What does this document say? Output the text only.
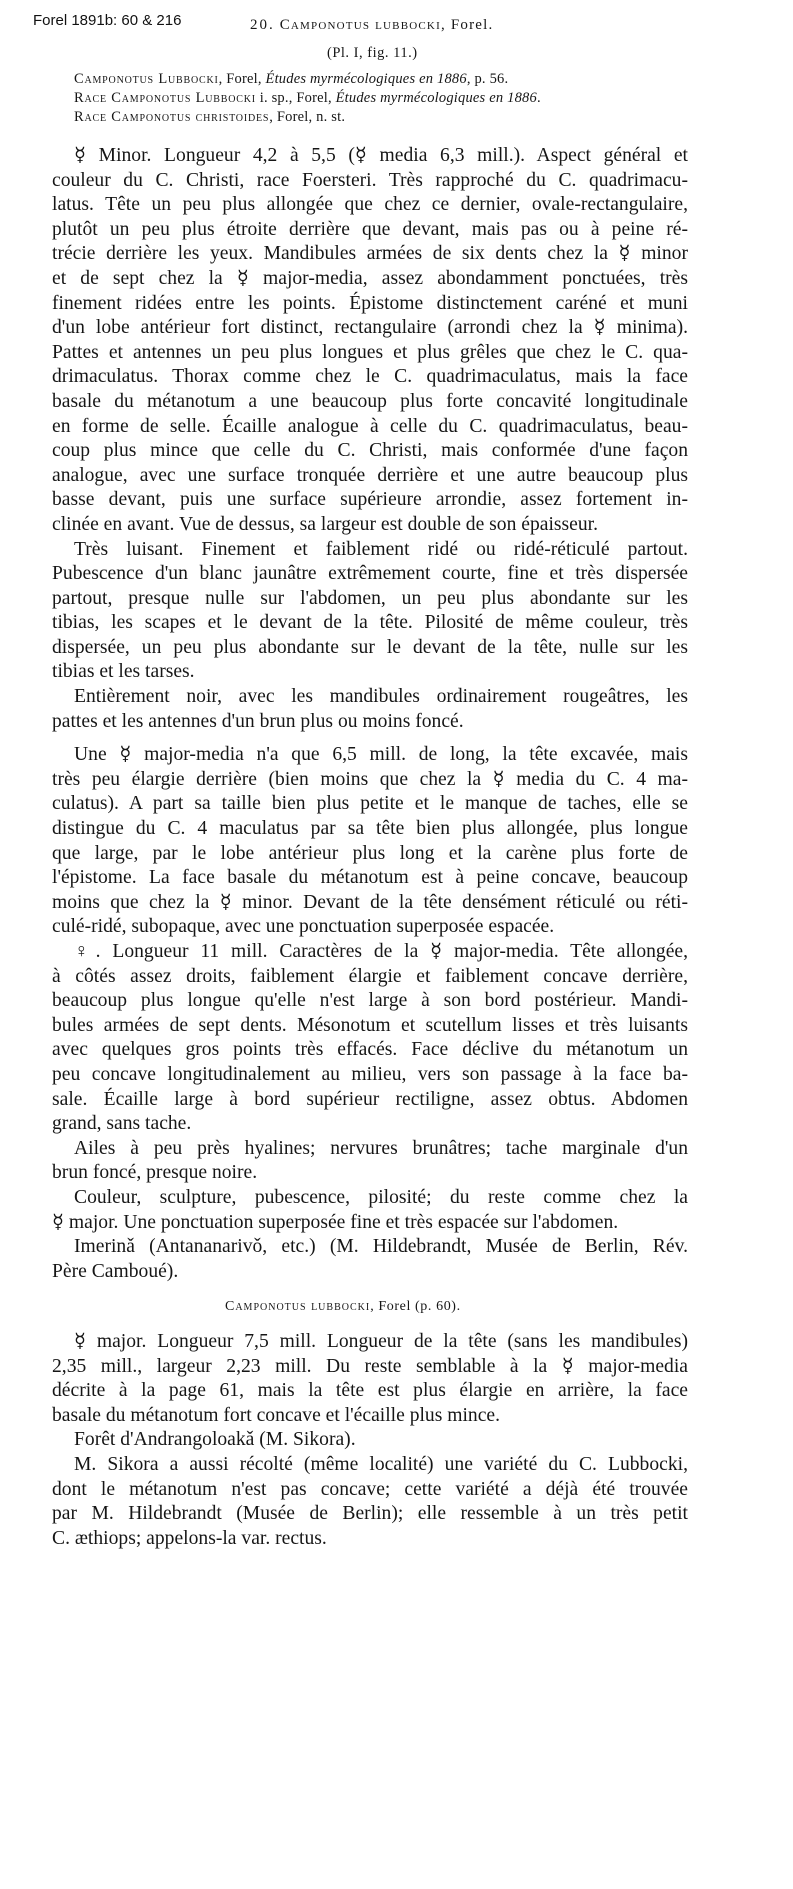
Forel 1891b: 60 & 216	20. Camponotus lubbocki, Forel.
(Pl. I, fig. 11.)
Camponotus Lubbocki, Forel, Études myrmécologiques en 1886, p. 56.
Race Camponotus Lubbocki i. sp., Forel, Études myrmécologiques en 1886.
Race Camponotus christoides, Forel, n. st.
☿ Minor. Longueur 4,2 à 5,5 (☿ media 6,3 mill.). Aspect général et
couleur du C. Christi, race Foersteri. Très rapproché du C. quadrimacu-
latus. Tête un peu plus allongée que chez ce dernier, ovale-rectangulaire,
plutôt un peu plus étroite derrière que devant, mais pas ou à peine ré-
trécie derrière les yeux. Mandibules armées de six dents chez la ☿ minor
et de sept chez la ☿ major-media, assez abondamment ponctuées, très
finement ridées entre les points. Épistome distinctement caréné et muni
d'un lobe antérieur fort distinct, rectangulaire (arrondi chez la ☿ minima).
Pattes et antennes un peu plus longues et plus grêles que chez le C. qua-
drimaculatus. Thorax comme chez le C. quadrimaculatus, mais la face
basale du métanotum a une beaucoup plus forte concavité longitudinale
en forme de selle. Écaille analogue à celle du C. quadrimaculatus, beau-
coup plus mince que celle du C. Christi, mais conformée d'une façon
analogue, avec une surface tronquée derrière et une autre beaucoup plus
basse devant, puis une surface supérieure arrondie, assez fortement in-
clinée en avant. Vue de dessus, sa largeur est double de son épaisseur.
Très luisant. Finement et faiblement ridé ou ridé-réticulé partout.
Pubescence d'un blanc jaunâtre extrêmement courte, fine et très dispersée
partout, presque nulle sur l'abdomen, un peu plus abondante sur les
tibias, les scapes et le devant de la tête. Pilosité de même couleur, très
dispersée, un peu plus abondante sur le devant de la tête, nulle sur les
tibias et les tarses.
Entièrement noir, avec les mandibules ordinairement rougeâtres, les
pattes et les antennes d'un brun plus ou moins foncé.
Une ☿ major-media n'a que 6,5 mill. de long, la tête excavée, mais
très peu élargie derrière (bien moins que chez la ☿ media du C. 4 ma-
culatus). A part sa taille bien plus petite et le manque de taches, elle se
distingue du C. 4 maculatus par sa tête bien plus allongée, plus longue
que large, par le lobe antérieur plus long et la carène plus forte de
l'épistome. La face basale du métanotum est à peine concave, beaucoup
moins que chez la ☿ minor. Devant de la tête densément réticulé ou réti-
culé-ridé, subopaque, avec une ponctuation superposée espacée.
♀. Longueur 11 mill. Caractères de la ☿ major-media. Tête allongée,
à côtés assez droits, faiblement élargie et faiblement concave derrière,
beaucoup plus longue qu'elle n'est large à son bord postérieur. Mandi-
bules armées de sept dents. Mésonotum et scutellum lisses et très luisants
avec quelques gros points très effacés. Face déclive du métanotum un
peu concave longitudinalement au milieu, vers son passage à la face ba-
sale. Écaille large à bord supérieur rectiligne, assez obtus. Abdomen
grand, sans tache.
Ailes à peu près hyalines; nervures brunâtres; tache marginale d'un
brun foncé, presque noire.
Couleur, sculpture, pubescence, pilosité; du reste comme chez la
☿ major. Une ponctuation superposée fine et très espacée sur l'abdomen.
Imerinǎ (Antananarivǒ, etc.) (M. Hildebrandt, Musée de Berlin, Rév.
Père Camboué).
Camponotus lubbocki, Forel (p. 60).
☿ major. Longueur 7,5 mill. Longueur de la tête (sans les mandibules)
2,35 mill., largeur 2,23 mill. Du reste semblable à la ☿ major-media
décrite à la page 61, mais la tête est plus élargie en arrière, la face
basale du métanotum fort concave et l'écaille plus mince.
Forêt d'Andrangoloakǎ (M. Sikora).
M. Sikora a aussi récolté (même localité) une variété du C. Lubbocki,
dont le métanotum n'est pas concave; cette variété a déjà été trouvée
par M. Hildebrandt (Musée de Berlin); elle ressemble à un très petit
C. æthiops; appelons-la var. rectus.
